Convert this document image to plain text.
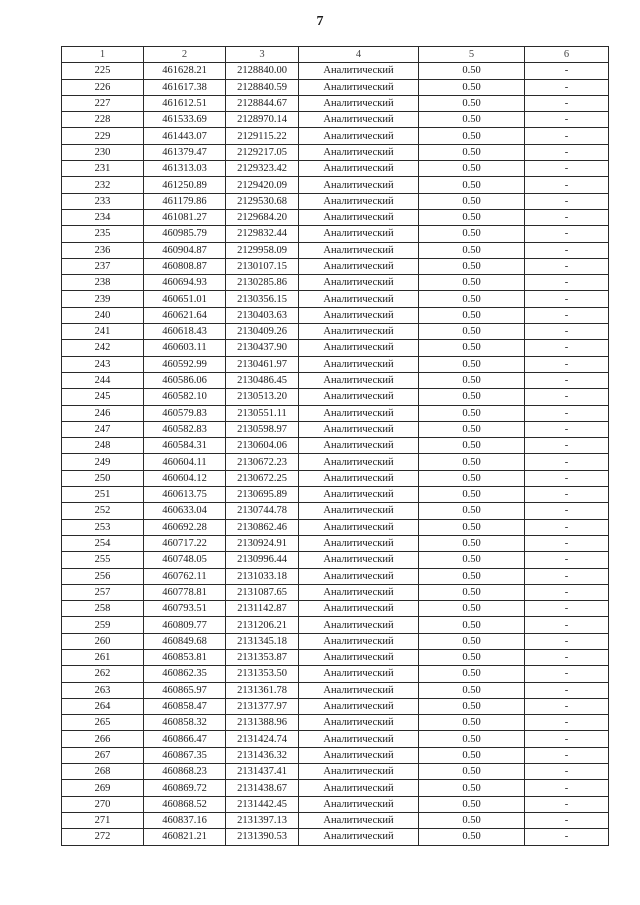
7
1	2	3	4	5	6
225	461628.21	2128840.00	Аналитический	0.50	-
226	461617.38	2128840.59	Аналитический	0.50	-
227	461612.51	2128844.67	Аналитический	0.50	-
228	461533.69	2128970.14	Аналитический	0.50	-
229	461443.07	2129115.22	Аналитический	0.50	-
230	461379.47	2129217.05	Аналитический	0.50	-
231	461313.03	2129323.42	Аналитический	0.50	-
232	461250.89	2129420.09	Аналитический	0.50	-
233	461179.86	2129530.68	Аналитический	0.50	-
234	461081.27	2129684.20	Аналитический	0.50	-
235	460985.79	2129832.44	Аналитический	0.50	-
236	460904.87	2129958.09	Аналитический	0.50	-
237	460808.87	2130107.15	Аналитический	0.50	-
238	460694.93	2130285.86	Аналитический	0.50	-
239	460651.01	2130356.15	Аналитический	0.50	-
240	460621.64	2130403.63	Аналитический	0.50	-
241	460618.43	2130409.26	Аналитический	0.50	-
242	460603.11	2130437.90	Аналитический	0.50	-
243	460592.99	2130461.97	Аналитический	0.50	-
244	460586.06	2130486.45	Аналитический	0.50	-
245	460582.10	2130513.20	Аналитический	0.50	-
246	460579.83	2130551.11	Аналитический	0.50	-
247	460582.83	2130598.97	Аналитический	0.50	-
248	460584.31	2130604.06	Аналитический	0.50	-
249	460604.11	2130672.23	Аналитический	0.50	-
250	460604.12	2130672.25	Аналитический	0.50	-
251	460613.75	2130695.89	Аналитический	0.50	-
252	460633.04	2130744.78	Аналитический	0.50	-
253	460692.28	2130862.46	Аналитический	0.50	-
254	460717.22	2130924.91	Аналитический	0.50	-
255	460748.05	2130996.44	Аналитический	0.50	-
256	460762.11	2131033.18	Аналитический	0.50	-
257	460778.81	2131087.65	Аналитический	0.50	-
258	460793.51	2131142.87	Аналитический	0.50	-
259	460809.77	2131206.21	Аналитический	0.50	-
260	460849.68	2131345.18	Аналитический	0.50	-
261	460853.81	2131353.87	Аналитический	0.50	-
262	460862.35	2131353.50	Аналитический	0.50	-
263	460865.97	2131361.78	Аналитический	0.50	-
264	460858.47	2131377.97	Аналитический	0.50	-
265	460858.32	2131388.96	Аналитический	0.50	-
266	460866.47	2131424.74	Аналитический	0.50	-
267	460867.35	2131436.32	Аналитический	0.50	-
268	460868.23	2131437.41	Аналитический	0.50	-
269	460869.72	2131438.67	Аналитический	0.50	-
270	460868.52	2131442.45	Аналитический	0.50	-
271	460837.16	2131397.13	Аналитический	0.50	-
272	460821.21	2131390.53	Аналитический	0.50	-
